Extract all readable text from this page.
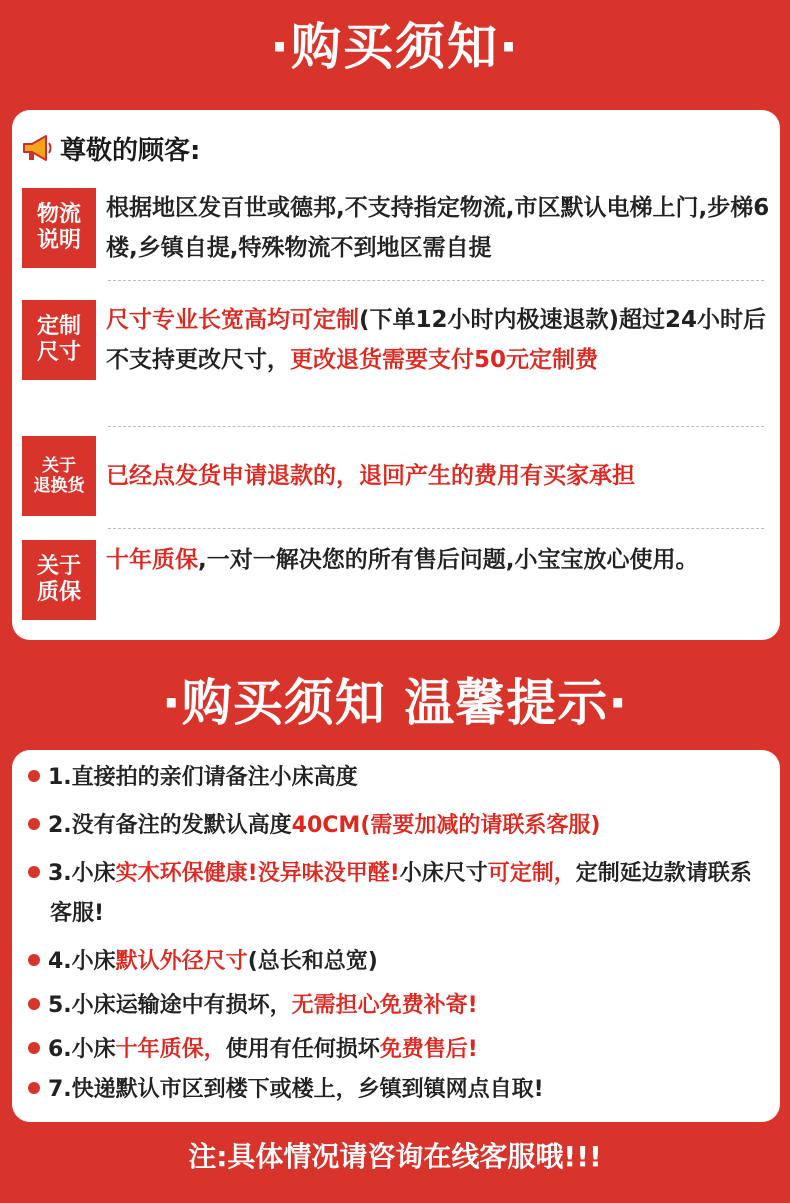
·购买须知·
尊敬的顾客:
物流
说明
根据地区发百世或德邦,不支持指定物流,市区默认电梯上门,步梯6楼,乡镇自提,特殊物流不到地区需自提
定制
尺寸
尺寸专业长宽高均可定制(下单12小时内极速退款)超过24小时后不支持更改尺寸，更改退货需要支付50元定制费
关于
退换货 已经点发货申请退款的，退回产生的费用有买家承担
关于
质保
十年质保,一对一解决您的所有售后问题,小宝宝放心使用。
·购买须知 温馨提示·
1.直接拍的亲们请备注小床高度
2.没有备注的发默认高度40CM(需要加减的请联系客服)
3.小床实木环保健康!没异味没甲醛!小床尺寸可定制，定制延边款请联系客服!
4.小床默认外径尺寸(总长和总宽)
5.小床运输途中有损坏，无需担心免费补寄!
6.小床十年质保，使用有任何损坏免费售后!
7.快递默认市区到楼下或楼上，乡镇到镇网点自取!
注:具体情况请咨询在线客服哦!!!
